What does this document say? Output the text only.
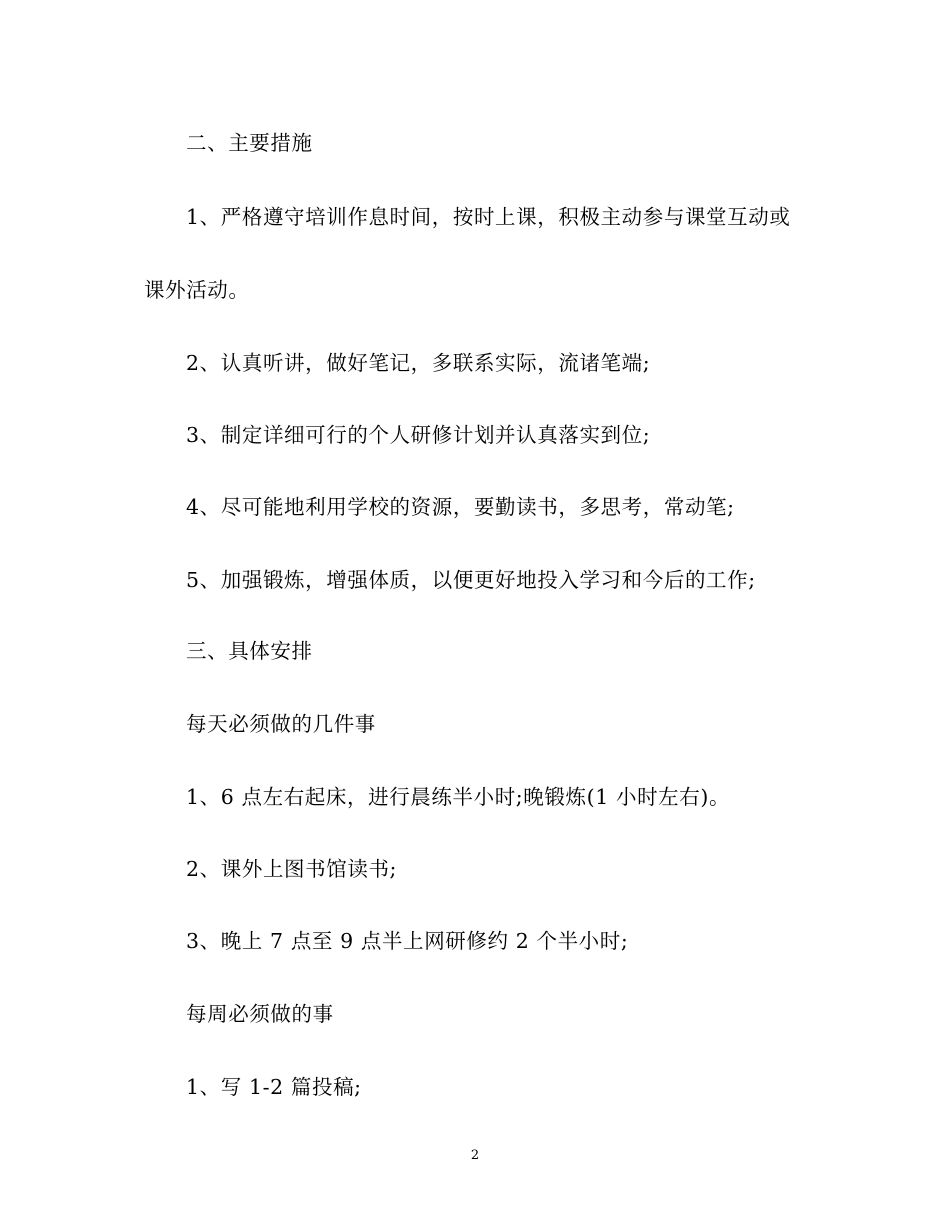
二、主要措施
1、严格遵守培训作息时间，按时上课，积极主动参与课堂互动或
课外活动。
2、认真听讲，做好笔记，多联系实际，流诸笔端;
3、制定详细可行的个人研修计划并认真落实到位;
4、尽可能地利用学校的资源，要勤读书，多思考，常动笔;
5、加强锻炼，增强体质，以便更好地投入学习和今后的工作;
三、具体安排
每天必须做的几件事
1、6 点左右起床，进行晨练半小时;晚锻炼(1 小时左右)。
2、课外上图书馆读书;
3、晚上 7 点至 9 点半上网研修约 2 个半小时;
每周必须做的事
1、写 1-2 篇投稿;
2
